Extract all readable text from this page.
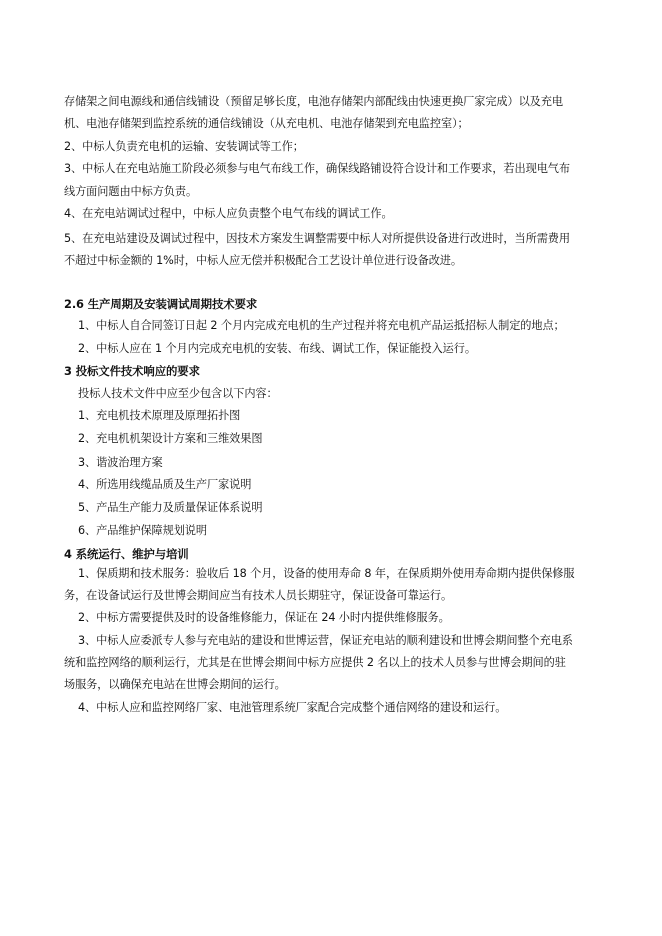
存储架之间电源线和通信线铺设（预留足够长度，电池存储架内部配线由快速更换厂家完成）以及充电
机、电池存储架到监控系统的通信线铺设（从充电机、电池存储架到充电监控室）；
2、中标人负责充电机的运输、安装调试等工作；
3、中标人在充电站施工阶段必须参与电气布线工作，确保线路铺设符合设计和工作要求，若出现电气布
线方面问题由中标方负责。
4、在充电站调试过程中，中标人应负责整个电气布线的调试工作。
5、在充电站建设及调试过程中，因技术方案发生调整需要中标人对所提供设备进行改进时，当所需费用
不超过中标金额的 1%时，中标人应无偿并积极配合工艺设计单位进行设备改进。
2.6 生产周期及安装调试周期技术要求
1、中标人自合同签订日起 2 个月内完成充电机的生产过程并将充电机产品运抵招标人制定的地点；
2、中标人应在 1 个月内完成充电机的安装、布线、调试工作，保证能投入运行。
3 投标文件技术响应的要求
投标人技术文件中应至少包含以下内容：
1、充电机技术原理及原理拓扑图
2、充电机机架设计方案和三维效果图
3、谐波治理方案
4、所选用线缆品质及生产厂家说明
5、产品生产能力及质量保证体系说明
6、产品维护保障规划说明
4 系统运行、维护与培训
1、保质期和技术服务：验收后 18 个月，设备的使用寿命 8 年，在保质期外使用寿命期内提供保修服
务，在设备试运行及世博会期间应当有技术人员长期驻守，保证设备可靠运行。
2、中标方需要提供及时的设备维修能力，保证在 24 小时内提供维修服务。
3、中标人应委派专人参与充电站的建设和世博运营，保证充电站的顺利建设和世博会期间整个充电系
统和监控网络的顺利运行，尤其是在世博会期间中标方应提供 2 名以上的技术人员参与世博会期间的驻
场服务，以确保充电站在世博会期间的运行。
4、中标人应和监控网络厂家、电池管理系统厂家配合完成整个通信网络的建设和运行。
